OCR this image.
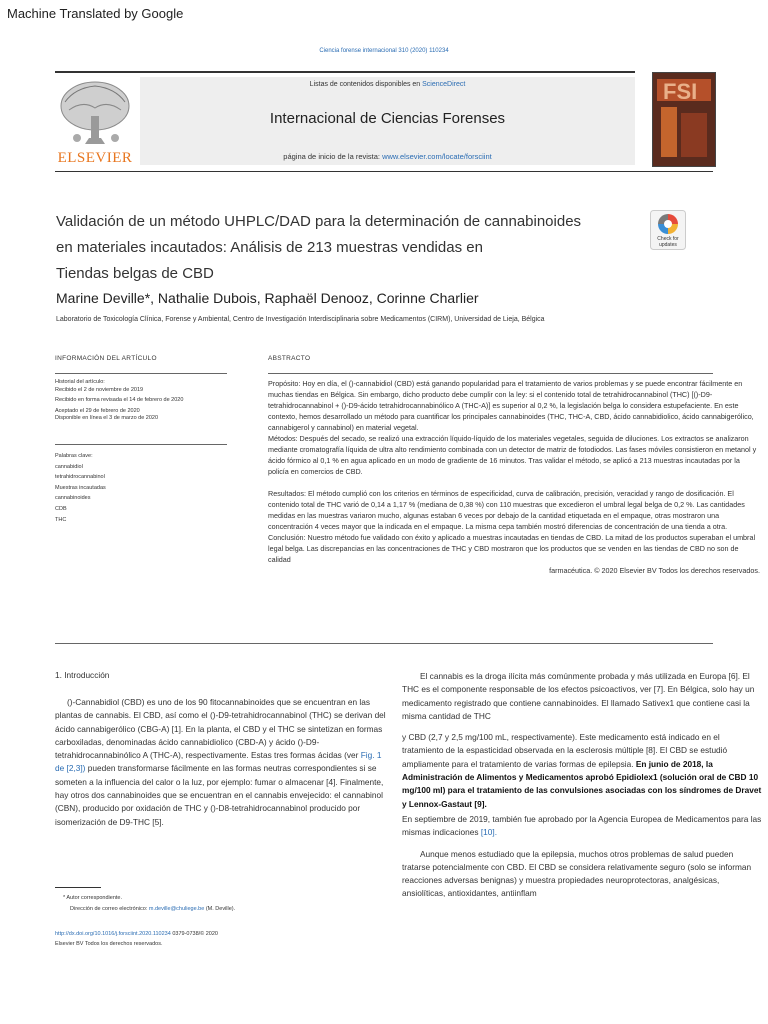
Machine Translated by Google
Ciencia forense internacional 310 (2020) 110234
ELSEVIER
Listas de contenidos disponibles en ScienceDirect
Internacional de Ciencias Forenses
página de inicio de la revista: www.elsevier.com/locate/forsciint
FSI
Validación de un método UHPLC/DAD para la determinación de cannabinoides
en materiales incautados: Análisis de 213 muestras vendidas en
Tiendas belgas de CBD
Check for updates
Marine Deville*, Nathalie Dubois, Raphaël Denooz, Corinne Charlier
Laboratorio de Toxicología Clínica, Forense y Ambiental, Centro de Investigación Interdisciplinaria sobre Medicamentos (CIRM), Universidad de Lieja, Bélgica
INFORMACIÓN DEL ARTÍCULO
Historial del artículo:
Recibido el 2 de noviembre de 2019
Recibido en forma revisada el 14 de febrero de 2020
Aceptado el 29 de febrero de 2020
Disponible en línea el 3 de marzo de 2020
Palabras clave:
cannabidiol
tetrahidrocannabinol
Muestras incautadas
cannabinoides
CDB
THC
ABSTRACTO

Propósito: Hoy en día, el ()-cannabidiol (CBD) está ganando popularidad para el tratamiento de varios problemas y se puede encontrar fácilmente en muchas tiendas en Bélgica. Sin embargo, dicho producto debe cumplir con la ley: si el contenido total de tetrahidrocannabinol (THC) [()-D9-tetrahidrocannabinol + ()-D9-ácido tetrahidrocannabinólico A (THC-A)] es superior al 0,2 %, la legislación belga lo considera estupefaciente. En este contexto, hemos desarrollado un método para cuantificar los principales cannabinoides (THC, THC-A, CBD, ácido cannabidiolico, ácido cannabigerólico, cannabigerol y cannabinol) en material vegetal.

Métodos: Después del secado, se realizó una extracción líquido-líquido de los materiales vegetales, seguida de diluciones. Los extractos se analizaron mediante cromatografía líquida de ultra alto rendimiento combinada con un detector de matriz de fotodiodos. Las fases móviles consistieron en metanol y ácido fórmico al 0,1 % en agua aplicado en un modo de gradiente de 16 minutos. Tras validar el método, se aplicó a 213 muestras incautadas por la policía en comercios de CBD.

Resultados: El método cumplió con los criterios en términos de especificidad, curva de calibración, precisión, veracidad y rango de dosificación. El contenido total de THC varió de 0,14 a 1,17 % (mediana de 0,38 %) con 110 muestras que excedieron el umbral legal belga de 0,2 %. Las cantidades medidas en las muestras variaron mucho, algunas estaban 6 veces por debajo de la cantidad etiquetada en el empaque, otras mostraron una concentración 4 veces mayor que la indicada en el empaque. La misma cepa también mostró diferencias de concentración de una tienda a otra.

Conclusión: Nuestro método fue validado con éxito y aplicado a muestras incautadas en tiendas de CBD. La mitad de los productos superaban el umbral legal belga. Las discrepancias en las concentraciones de THC y CBD mostraron que los productos que se venden en las tiendas de CBD no son de calidad

farmacéutica. © 2020 Elsevier BV Todos los derechos reservados.

1. Introducción

()-Cannabidiol (CBD) es uno de los 90 fitocannabinoides que se encuentran en las plantas de cannabis. El CBD, así como el ()-D9-tetrahidrocannabinol (THC) se derivan del ácido cannabigerólico (CBG-A) [1]. En la planta, el CBD y el THC se sintetizan en formas carboxiladas, denominadas ácido cannabidiolico (CBD-A) y ácido ()-D9-tetrahidrocannabinólico A (THC-A), respectivamente. Estas tres formas ácidas (ver Fig. 1 de [2,3]) pueden transformarse fácilmente en las formas neutras correspondientes si se someten a la influencia del calor o la luz, por ejemplo: fumar o almacenar [4]. Finalmente, hay otros dos cannabinoides que se encuentran en el cannabis envejecido: el cannabinol (CBN), producido por oxidación de THC y ()-D8-tetrahidrocannabinol producido por isomerización de D9-THC [5].

El cannabis es la droga ilícita más comúnmente probada y más utilizada en Europa [6]. El THC es el componente responsable de los efectos psicoactivos, ver [7]. En Bélgica, solo hay un medicamento registrado que contiene cannabinoides. El llamado Sativex1 que contiene casi la misma cantidad de THC

y CBD (2,7 y 2,5 mg/100 mL, respectivamente). Este medicamento está indicado en el tratamiento de la espasticidad observada en la esclerosis múltiple [8]. El CBD se estudió ampliamente para el tratamiento de varias formas de epilepsia. En junio de 2018, la Administración de Alimentos y Medicamentos aprobó Epidiolex1 (solución oral de CBD 10 mg/100 ml) para el tratamiento de las convulsiones asociadas con los síndromes de Dravet y Lennox-Gastaut [9].

En septiembre de 2019, también fue aprobado por la Agencia Europea de Medicamentos para las mismas indicaciones [10].

Aunque menos estudiado que la epilepsia, muchos otros problemas de salud pueden tratarse potencialmente con CBD. El CBD se considera relativamente seguro (solo se informan reacciones adversas benignas) y muestra propiedades neuroprotectoras, analgésicas, ansiolíticas, antioxidantes, antiinflam

* Autor correspondiente.
Dirección de correo electrónico: m.deville@chuliege.be (M. Deville).
http://dx.doi.org/10.1016/j.forsciint.2020.110234 0379-0738/© 2020
Elsevier BV Todos los derechos reservados.
